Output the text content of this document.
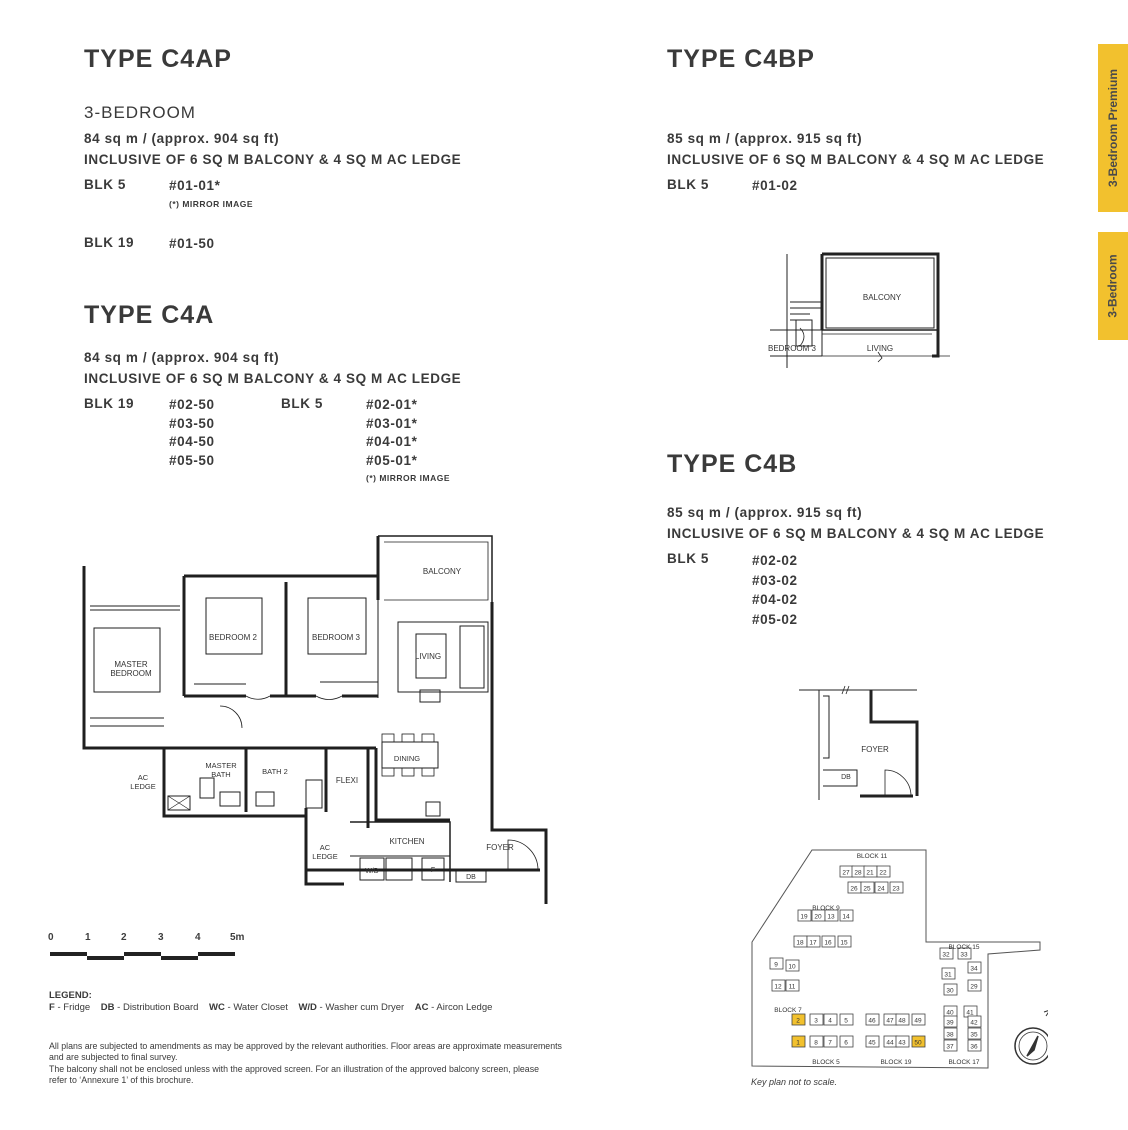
3-Bedroom Premium
3-Bedroom
TYPE C4AP
3-BEDROOM
84 sq m / (approx. 904 sq ft)
INCLUSIVE OF 6 SQ M BALCONY & 4 SQ M AC LEDGE
BLK 5	#01-01*
(*) MIRROR IMAGE
BLK 19	#01-50
TYPE C4A
84 sq m / (approx. 904 sq ft)
INCLUSIVE OF 6 SQ M BALCONY & 4 SQ M AC LEDGE
BLK 19	#02-50
#03-50
#04-50
#05-50
BLK 5	#02-01*
#03-01*
#04-01*
#05-01*
(*) MIRROR IMAGE
TYPE C4BP
85 sq m / (approx. 915 sq ft)
INCLUSIVE OF 6 SQ M BALCONY & 4 SQ M AC LEDGE
BLK 5	#01-02
TYPE C4B
85 sq m / (approx. 915 sq ft)
INCLUSIVE OF 6 SQ M BALCONY & 4 SQ M AC LEDGE
BLK 5	#02-02
#03-02
#04-02
#05-02
BALCONY
BEDROOM 3	LIVING
FOYER
DB
BALCONY
BEDROOM 2	BEDROOM 3
MASTER
BEDROOM
LIVING
AC
LEDGE
MASTER
BATH	BATH 2
FLEXI
DINING
KITCHEN
FOYER
AC
LEDGE
W/D	F
DB
0	1	2	3	4	5m
LEGEND:
F - Fridge DB - Distribution Board WC - Water Closet W/D - Washer cum Dryer AC - Aircon Ledge
All plans are subjected to amendments as may be approved by the relevant authorities. Floor areas are approximate measurements
and are subjected to final survey.
The balcony shall not be enclosed unless with the approved screen. For an illustration of the approved balcony screen, please
refer to ‘Annexure 1’ of this brochure.
27 28 21 22
26 25 24 23
19 20 13 14
18 17 16 15
9 10
12 11
2 3 4 5	46 47 48 49
1 8 7 6	45 44 43 50
32 33
34
31
29
30
40 41
39	42
38	35
37	36
BLOCK 11
BLOCK 9
BLOCK 7
BLOCK 5	BLOCK 19
BLOCK 15
BLOCK 17
Key plan not to scale.
